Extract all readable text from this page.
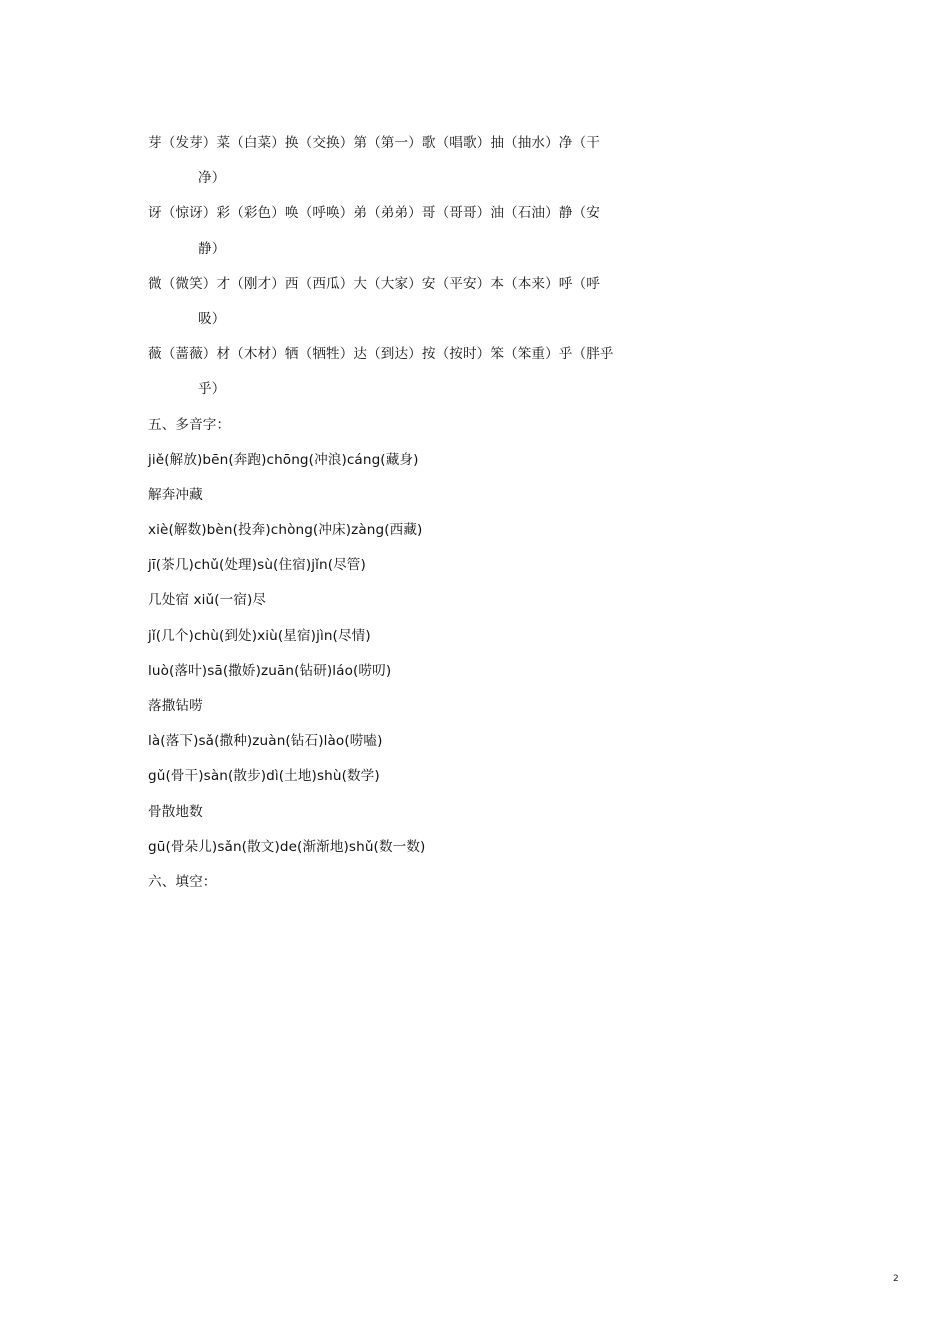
芽（发芽）菜（白菜）换（交换）第（第一）歌（唱歌）抽（抽水）净（干
净）
讶（惊讶）彩（彩色）唤（呼唤）弟（弟弟）哥（哥哥）油（石油）静（安
静）
微（微笑）才（刚才）西（西瓜）大（大家）安（平安）本（本来）呼（呼
吸）
薇（蔷薇）材（木材）牺（牺牲）达（到达）按（按时）笨（笨重）乎（胖乎
乎）
五、多音字：
jiě(解放)bēn(奔跑)chōng(冲浪)cáng(藏身)
解奔冲藏
xiè(解数)bèn(投奔)chòng(冲床)zàng(西藏)
jī(茶几)chǔ(处理)sù(住宿)jǐn(尽管)
几处宿 xiǔ(一宿)尽
jǐ(几个)chù(到处)xiù(星宿)jìn(尽情)
luò(落叶)sā(撒娇)zuān(钻研)láo(唠叨)
落撒钻唠
là(落下)sǎ(撒种)zuàn(钻石)lào(唠嗑)
gǔ(骨干)sàn(散步)dì(土地)shù(数学)
骨散地数
gū(骨朵儿)sǎn(散文)de(渐渐地)shǔ(数一数)
六、填空：
2
